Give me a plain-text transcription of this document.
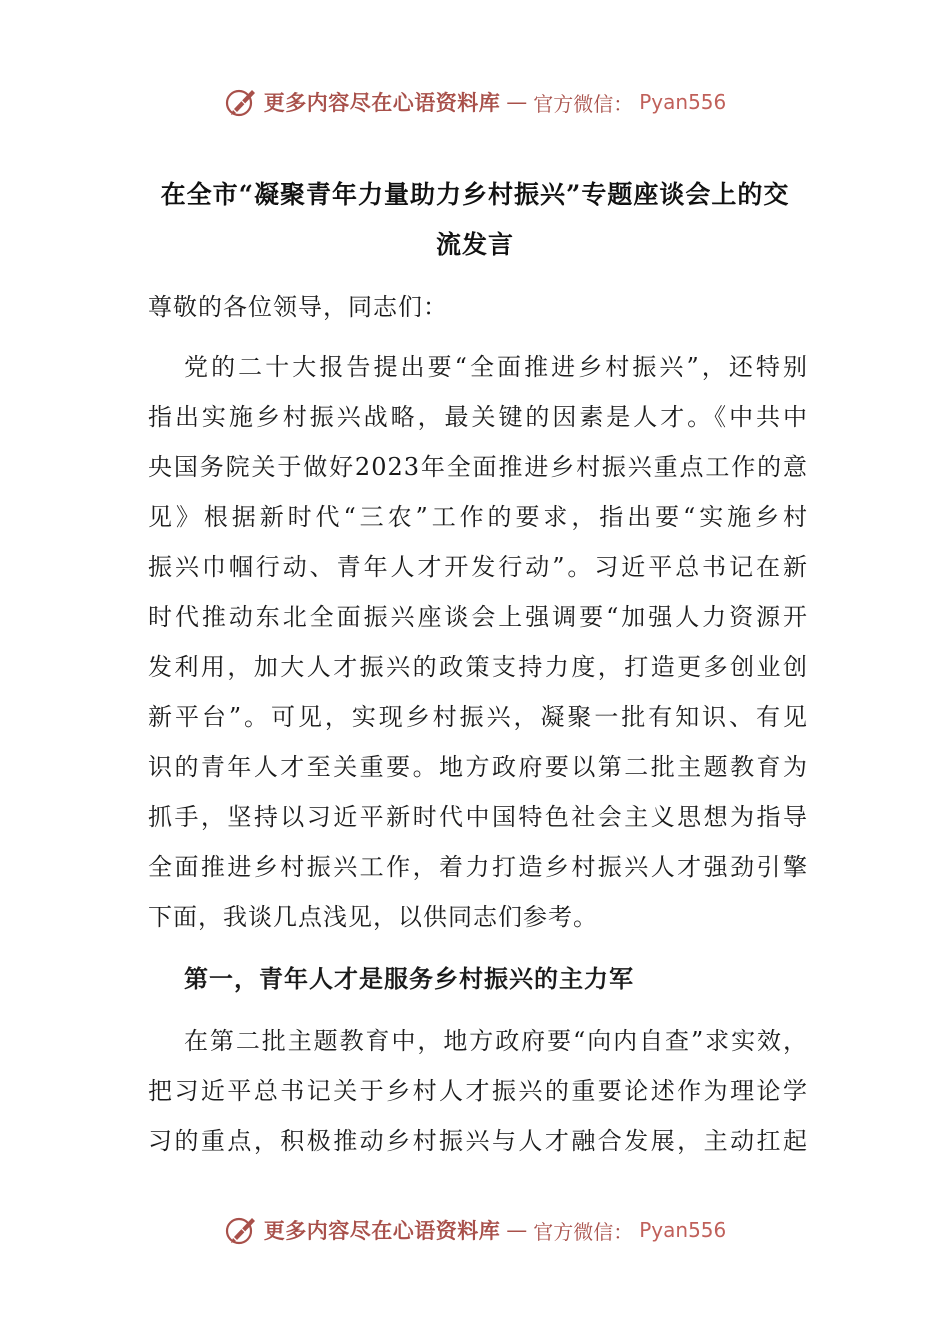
更多内容尽在心语资料库 — 官方微信： Pyan556
在全市“凝聚青年力量助力乡村振兴”专题座谈会上的交
流发言
尊敬的各位领导，同志们：
党的二十大报告提出要“全面推进乡村振兴”，还特别
指出实施乡村振兴战略，最关键的因素是人才。《中共中
央国务院关于做好2023年全面推进乡村振兴重点工作的意
见》根据新时代“三农”工作的要求，指出要“实施乡村
振兴巾帼行动、青年人才开发行动”。习近平总书记在新
时代推动东北全面振兴座谈会上强调要“加强人力资源开
发利用，加大人才振兴的政策支持力度，打造更多创业创
新平台”。可见，实现乡村振兴，凝聚一批有知识、有见
识的青年人才至关重要。地方政府要以第二批主题教育为
抓手，坚持以习近平新时代中国特色社会主义思想为指导
全面推进乡村振兴工作，着力打造乡村振兴人才强劲引擎
下面，我谈几点浅见，以供同志们参考。
第一，青年人才是服务乡村振兴的主力军
在第二批主题教育中，地方政府要“向内自查”求实效，
把习近平总书记关于乡村人才振兴的重要论述作为理论学
习的重点，积极推动乡村振兴与人才融合发展，主动扛起
更多内容尽在心语资料库 — 官方微信： Pyan556
